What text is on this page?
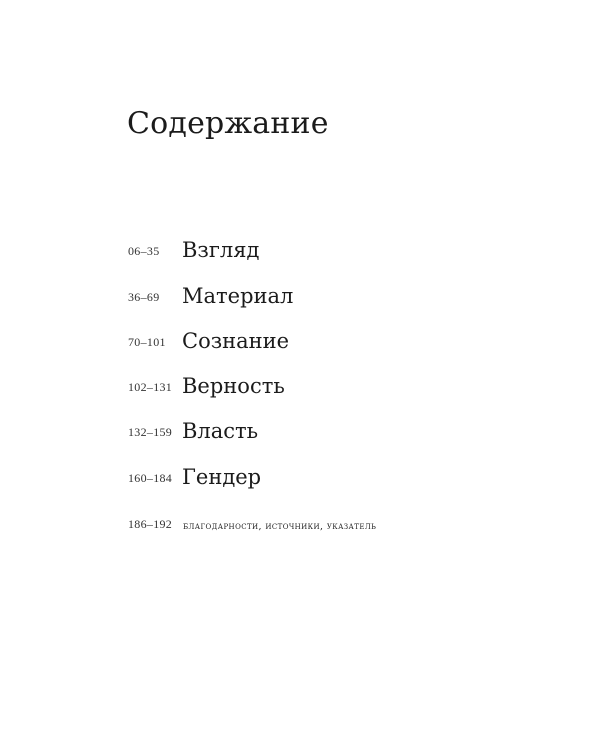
Содержание
06–35 Взгляд
36–69 Материал
70–101 Сознание
102–131 Верность
132–159 Власть
160–184 Гендер
186–192 благодарности, источники, указатель
